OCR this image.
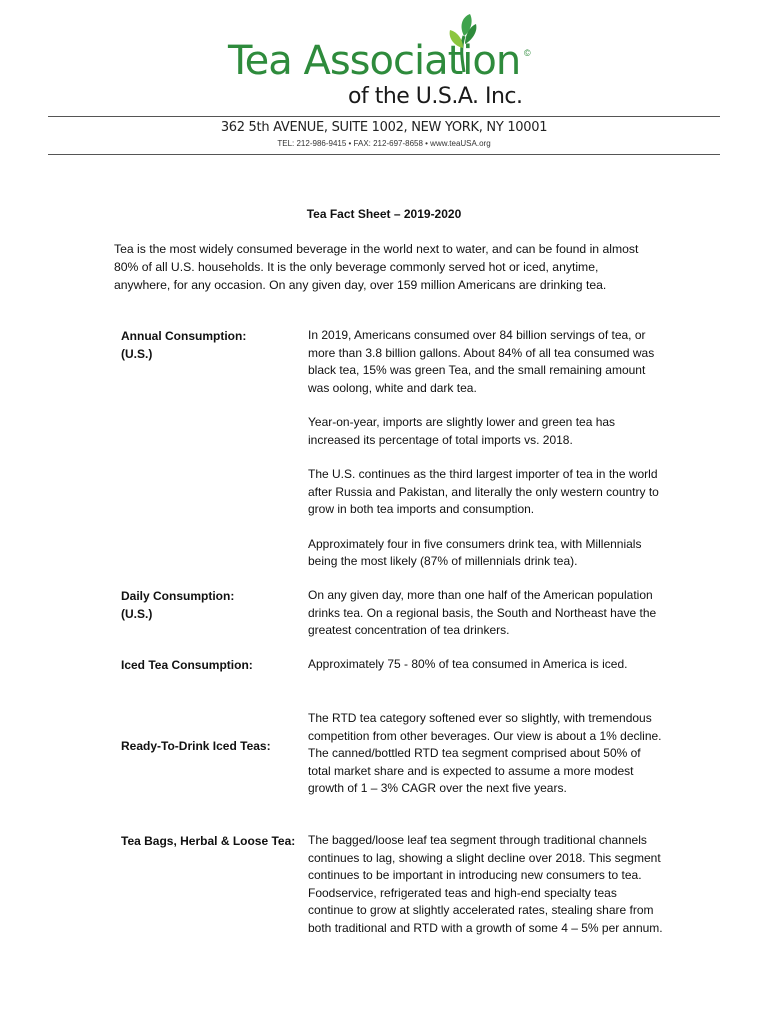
Tea Association ©
of the U.S.A. Inc.
362 5th AVENUE, SUITE 1002, NEW YORK, NY 10001
TEL: 212-986-9415 • FAX: 212-697-8658 • www.teaUSA.org
Tea Fact Sheet – 2019-2020
Tea is the most widely consumed beverage in the world next to water, and can be found in almost 80% of all U.S. households. It is the only beverage commonly served hot or iced, anytime, anywhere, for any occasion. On any given day, over 159 million Americans are drinking tea.
Annual Consumption:
(U.S.)

In 2019, Americans consumed over 84 billion servings of tea, or more than 3.8 billion gallons. About 84% of all tea consumed was black tea, 15% was green Tea, and the small remaining amount was oolong, white and dark tea.

Year-on-year, imports are slightly lower and green tea has increased its percentage of total imports vs. 2018.

The U.S. continues as the third largest importer of tea in the world after Russia and Pakistan, and literally the only western country to grow in both tea imports and consumption.

Approximately four in five consumers drink tea, with Millennials being the most likely (87% of millennials drink tea).

Daily Consumption:
(U.S.)

On any given day, more than one half of the American population drinks tea. On a regional basis, the South and Northeast have the greatest concentration of tea drinkers.

Iced Tea Consumption:	Approximately 75 - 80% of tea consumed in America is iced.

Ready-To-Drink Iced Teas:

The RTD tea category softened ever so slightly, with tremendous competition from other beverages. Our view is about a 1% decline. The canned/bottled RTD tea segment comprised about 50% of total market share and is expected to assume a more modest growth of 1 – 3% CAGR over the next five years.

Tea Bags, Herbal & Loose Tea:	The bagged/loose leaf tea segment through traditional channels continues to lag, showing a slight decline over 2018. This segment continues to be important in introducing new consumers to tea. Foodservice, refrigerated teas and high-end specialty teas continue to grow at slightly accelerated rates, stealing share from both traditional and RTD with a growth of some 4 – 5% per annum.
